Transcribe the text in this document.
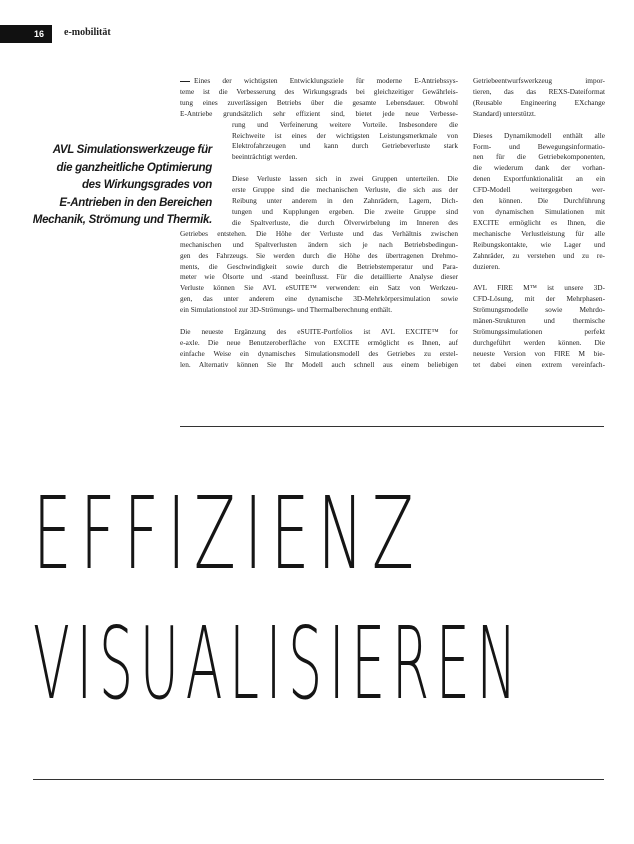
16	e-mobilität
AVL Simulationswerkzeuge für
die ganzheitliche Optimierung
des Wirkungsgrades von
E-Antrieben in den Bereichen
Mechanik, Strömung und Thermik.
Eines der wichtigsten Entwicklungsziele für moderne E-Antriebssys-
teme ist die Verbesserung des Wirkungsgrads bei gleichzeitiger Gewährleis-
tung eines zuverlässigen Betriebs über die gesamte Lebensdauer. Obwohl
E-Antriebe grundsätzlich sehr effizient sind, bietet jede neue Verbesse-
rung und Verfeinerung weitere Vorteile. Insbesondere die
Reichweite ist eines der wichtigsten Leistungsmerkmale von
Elektrofahrzeugen und kann durch Getriebeverluste stark
beeinträchtigt werden.
Diese Verluste lassen sich in zwei Gruppen unterteilen. Die
erste Gruppe sind die mechanischen Verluste, die sich aus der
Reibung unter anderem in den Zahnrädern, Lagern, Dich-
tungen und Kupplungen ergeben. Die zweite Gruppe sind
die Spaltverluste, die durch Ölverwirbelung im Inneren des
Getriebes entstehen. Die Höhe der Verluste und das Verhältnis zwischen
mechanischen und Spaltverlusten ändern sich je nach Betriebsbedingun-
gen des Fahrzeugs. Sie werden durch die Höhe des übertragenen Drehmo-
ments, die Geschwindigkeit sowie durch die Betriebstemperatur und Para-
meter wie Ölsorte und -stand beeinflusst. Für die detaillierte Analyse dieser
Verluste können Sie AVL eSUITE™ verwenden: ein Satz von Werkzeu-
gen, das unter anderem eine dynamische 3D-Mehrkörpersimulation sowie
ein Simulationstool zur 3D-Strömungs- und Thermalberechnung enthält.
Die neueste Ergänzung des eSUITE-Portfolios ist AVL EXCITE™ for
e-axle. Die neue Benutzeroberfläche von EXCITE ermöglicht es Ihnen, auf
einfache Weise ein dynamisches Simulationsmodell des Getriebes zu erstel-
len. Alternativ können Sie Ihr Modell auch schnell aus einem beliebigen
Getriebeentwurfswerkzeug impor-
tieren, das das REXS-Dateiformat
(Reusable Engineering EXchange
Standard) unterstützt.
Dieses Dynamikmodell enthält alle
Form- und Bewegungsinformatio-
nen für die Getriebekomponenten,
die wiederum dank der vorhan-
denen Exportfunktionalität an ein
CFD-Modell weitergegeben wer-
den können. Die Durchführung
von dynamischen Simulationen mit
EXCITE ermöglicht es Ihnen, die
mechanische Verlustleistung für alle
Reibungskontakte, wie Lager und
Zahnräder, zu verstehen und zu re-
duzieren.
AVL FIRE M™ ist unsere 3D-
CFD-Lösung, mit der Mehrphasen-
Strömungsmodelle sowie Mehrdo-
mänen-Strukturen und thermische
Strömungssimulationen perfekt
durchgeführt werden können. Die
neueste Version von FIRE M bie-
tet dabei einen extrem vereinfach-
EFFIZIENZ
VISUALISIEREN
